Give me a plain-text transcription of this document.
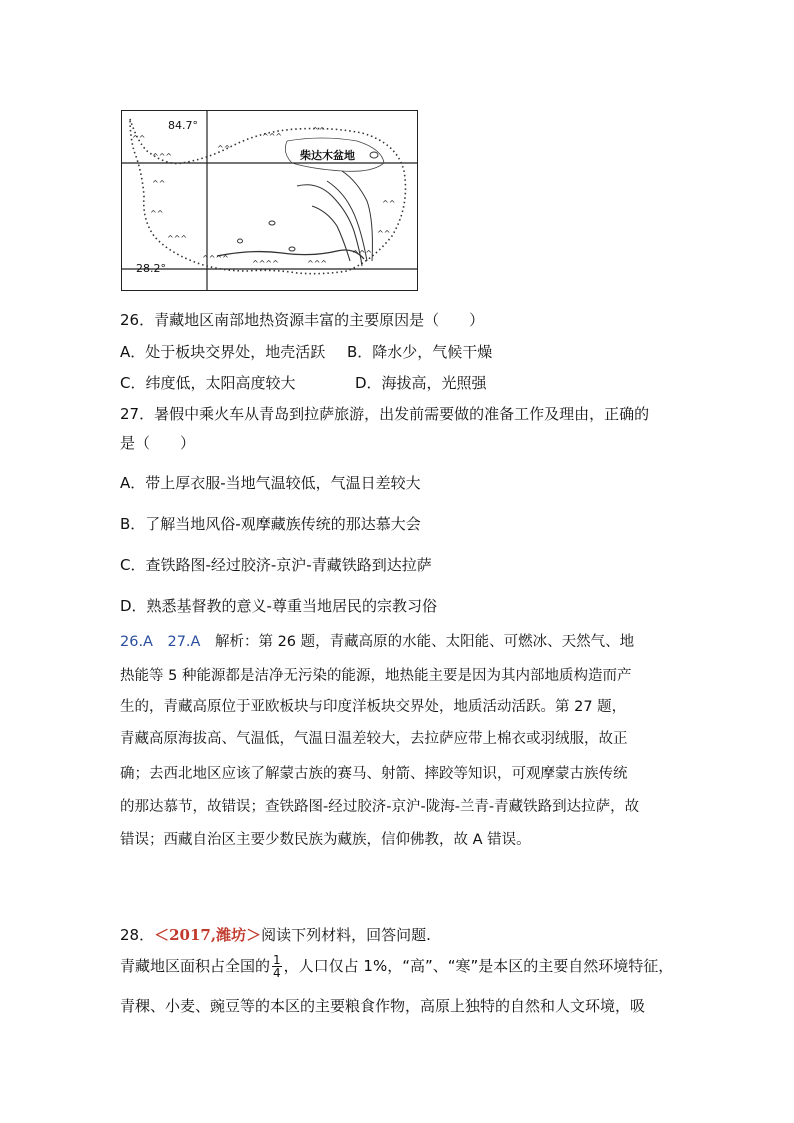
^^
^^^
^^
^^^
^^
^^
^^
^^^
^^^^
^^^^	^^^
^^
^^
^^^
84.7°
28.2°
柴达木盆地
26．青藏地区南部地热资源丰富的主要原因是（　　）
A．处于板块交界处，地壳活跃 B．降水少，气候干燥
C．纬度低，太阳高度较大	D．海拔高，光照强
27．暑假中乘火车从青岛到拉萨旅游，出发前需要做的准备工作及理由，正确的
是（　　）
A．带上厚衣服-当地气温较低，气温日差较大
B．了解当地风俗-观摩藏族传统的那达慕大会
C．查铁路图-经过胶济-京沪-青藏铁路到达拉萨
D．熟悉基督教的意义-尊重当地居民的宗教习俗
26.A　27.A　解析：第 26 题，青藏高原的水能、太阳能、可燃冰、天然气、地
热能等 5 种能源都是洁净无污染的能源，地热能主要是因为其内部地质构造而产
生的，青藏高原位于亚欧板块与印度洋板块交界处，地质活动活跃。第 27 题，
青藏高原海拔高、气温低，气温日温差较大，去拉萨应带上棉衣或羽绒服，故正
确；去西北地区应该了解蒙古族的赛马、射箭、摔跤等知识，可观摩蒙古族传统
的那达慕节，故错误；查铁路图-经过胶济-京沪-陇海-兰青-青藏铁路到达拉萨，故
错误；西藏自治区主要少数民族为藏族，信仰佛教，故 A 错误。
28．＜2017,潍坊＞阅读下列材料，回答问题.
青藏地区面积占全国的 $\frac{1}{4}$ ，人口仅占 1%，“高”、“寒”是本区的主要自然环境特征，
青稞、小麦、豌豆等的本区的主要粮食作物，高原上独特的自然和人文环境，吸
